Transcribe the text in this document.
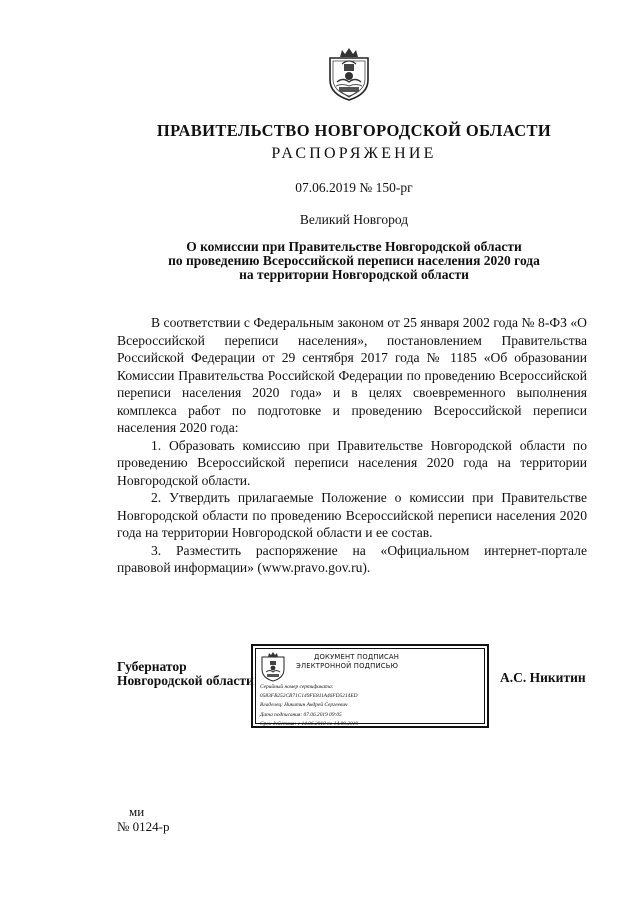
ПРАВИТЕЛЬСТВО НОВГОРОДСКОЙ ОБЛАСТИ
РАСПОРЯЖЕНИЕ
07.06.2019 № 150-рг
Великий Новгород
О комиссии при Правительстве Новгородской области
по проведению Всероссийской переписи населения 2020 года
на территории Новгородской области

В соответствии с Федеральным законом от 25 января 2002 года № 8-ФЗ «О Всероссийской переписи населения», постановлением Правительства Российской Федерации от 29 сентября 2017 года № 1185 «Об образовании Комиссии Правительства Российской Федерации по проведению Всероссийской переписи населения 2020 года» и в целях своевременного выполнения комплекса работ по подготовке и проведению Всероссийской переписи населения 2020 года:

1. Образовать комиссию при Правительстве Новгородской области по проведению Всероссийской переписи населения 2020 года на территории Новгородской области.

2. Утвердить прилагаемые Положение о комиссии при Правительстве Новгородской области по проведению Всероссийской переписи населения 2020 года на территории Новгородской области и ее состав.

3. Разместить распоряжение на «Официальном интернет-портале правовой информации» (www.pravo.gov.ru).

Губернатор
Новгородской области
ДОКУМЕНТ ПОДПИСАН
ЭЛЕКТРОННОЙ ПОДПИСЬЮ
Серийный номер сертификата:
0583FB252CB71C149FE811A46FD5214ED
Владелец: Никитин Андрей Сергеевич
Дата подписания: 07.06.2019 09:05
Срок действия: с 14.06.2018 по 14.09.2019
А.С. Никитин
ми
№ 0124-р
